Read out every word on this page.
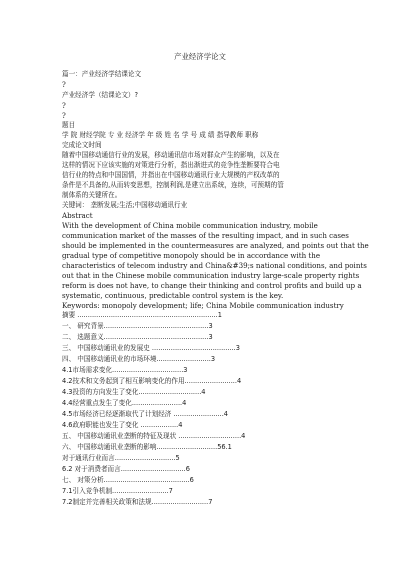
产业经济学论文
篇一：产业经济学结课论文
?
产业经济学（结课论文）?
?
?
题目
学 院 财经学院 专 业 经济学 年 级 姓 名 学 号 成 绩 指导教师 职称
完成论文时间
随着中国移动通信行业的发展，移动通讯信市场对群众产生的影响，以及在
这样的情况下应该实施的对策进行分析，指出渐进式的竞争性垄断要符合电
信行业的特点和中国国情，并指出在中国移动通讯行业大规模的产权改革的
条件是不具备的,从而转变思想，控制利润,是建立出系统，连续，可预期的管
制体系的关键所在。
关键词： 垄断发展;生活;中国移动通讯行业
Abstract
With the development of China mobile communication industry, mobile
communication market of the masses of the resulting impact, and in such cases
should be implemented in the countermeasures are analyzed, and points out that the
gradual type of competitive monopoly should be in accordance with the
characteristics of telecom industry and China&#39;s national conditions, and points
out that in the Chinese mobile communication industry large-scale property rights
reform is does not have, to change their thinking and control profits and build up a
systematic, continuous, predictable control system is the key.
Keywords: monopoly development; life; China Mobile communication industry
摘要 ...................................................................1
一、 研究背景..................................................3
二、 选题意义..................................................3
三、 中国移动通讯业的发展史 ........................................3
四、 中国移动通讯业的市场环境..........................3
4.1市场需求变化..................................3
4.2技术和文务起到了相互影响变化的作用.........................4
4.3投资的方向发生了变化..............................4
4.4经营重点发生了变化........................4
4.5市场经济已经逐渐取代了计划经济 ........................4
4.6政府职能也发生了变化 ..................4
五、 中国移动通讯业垄断的特征及现状 ..............................4
六、 中国移动通讯业垄断的影响.............................56.1
对于通讯行业而言.............................5
6.2 对于消费者而言...............................6
七、 对策分析.........................................6
7.1引入竞争机制...........................7
7.2制定并完善相关政策和法规...........................7
